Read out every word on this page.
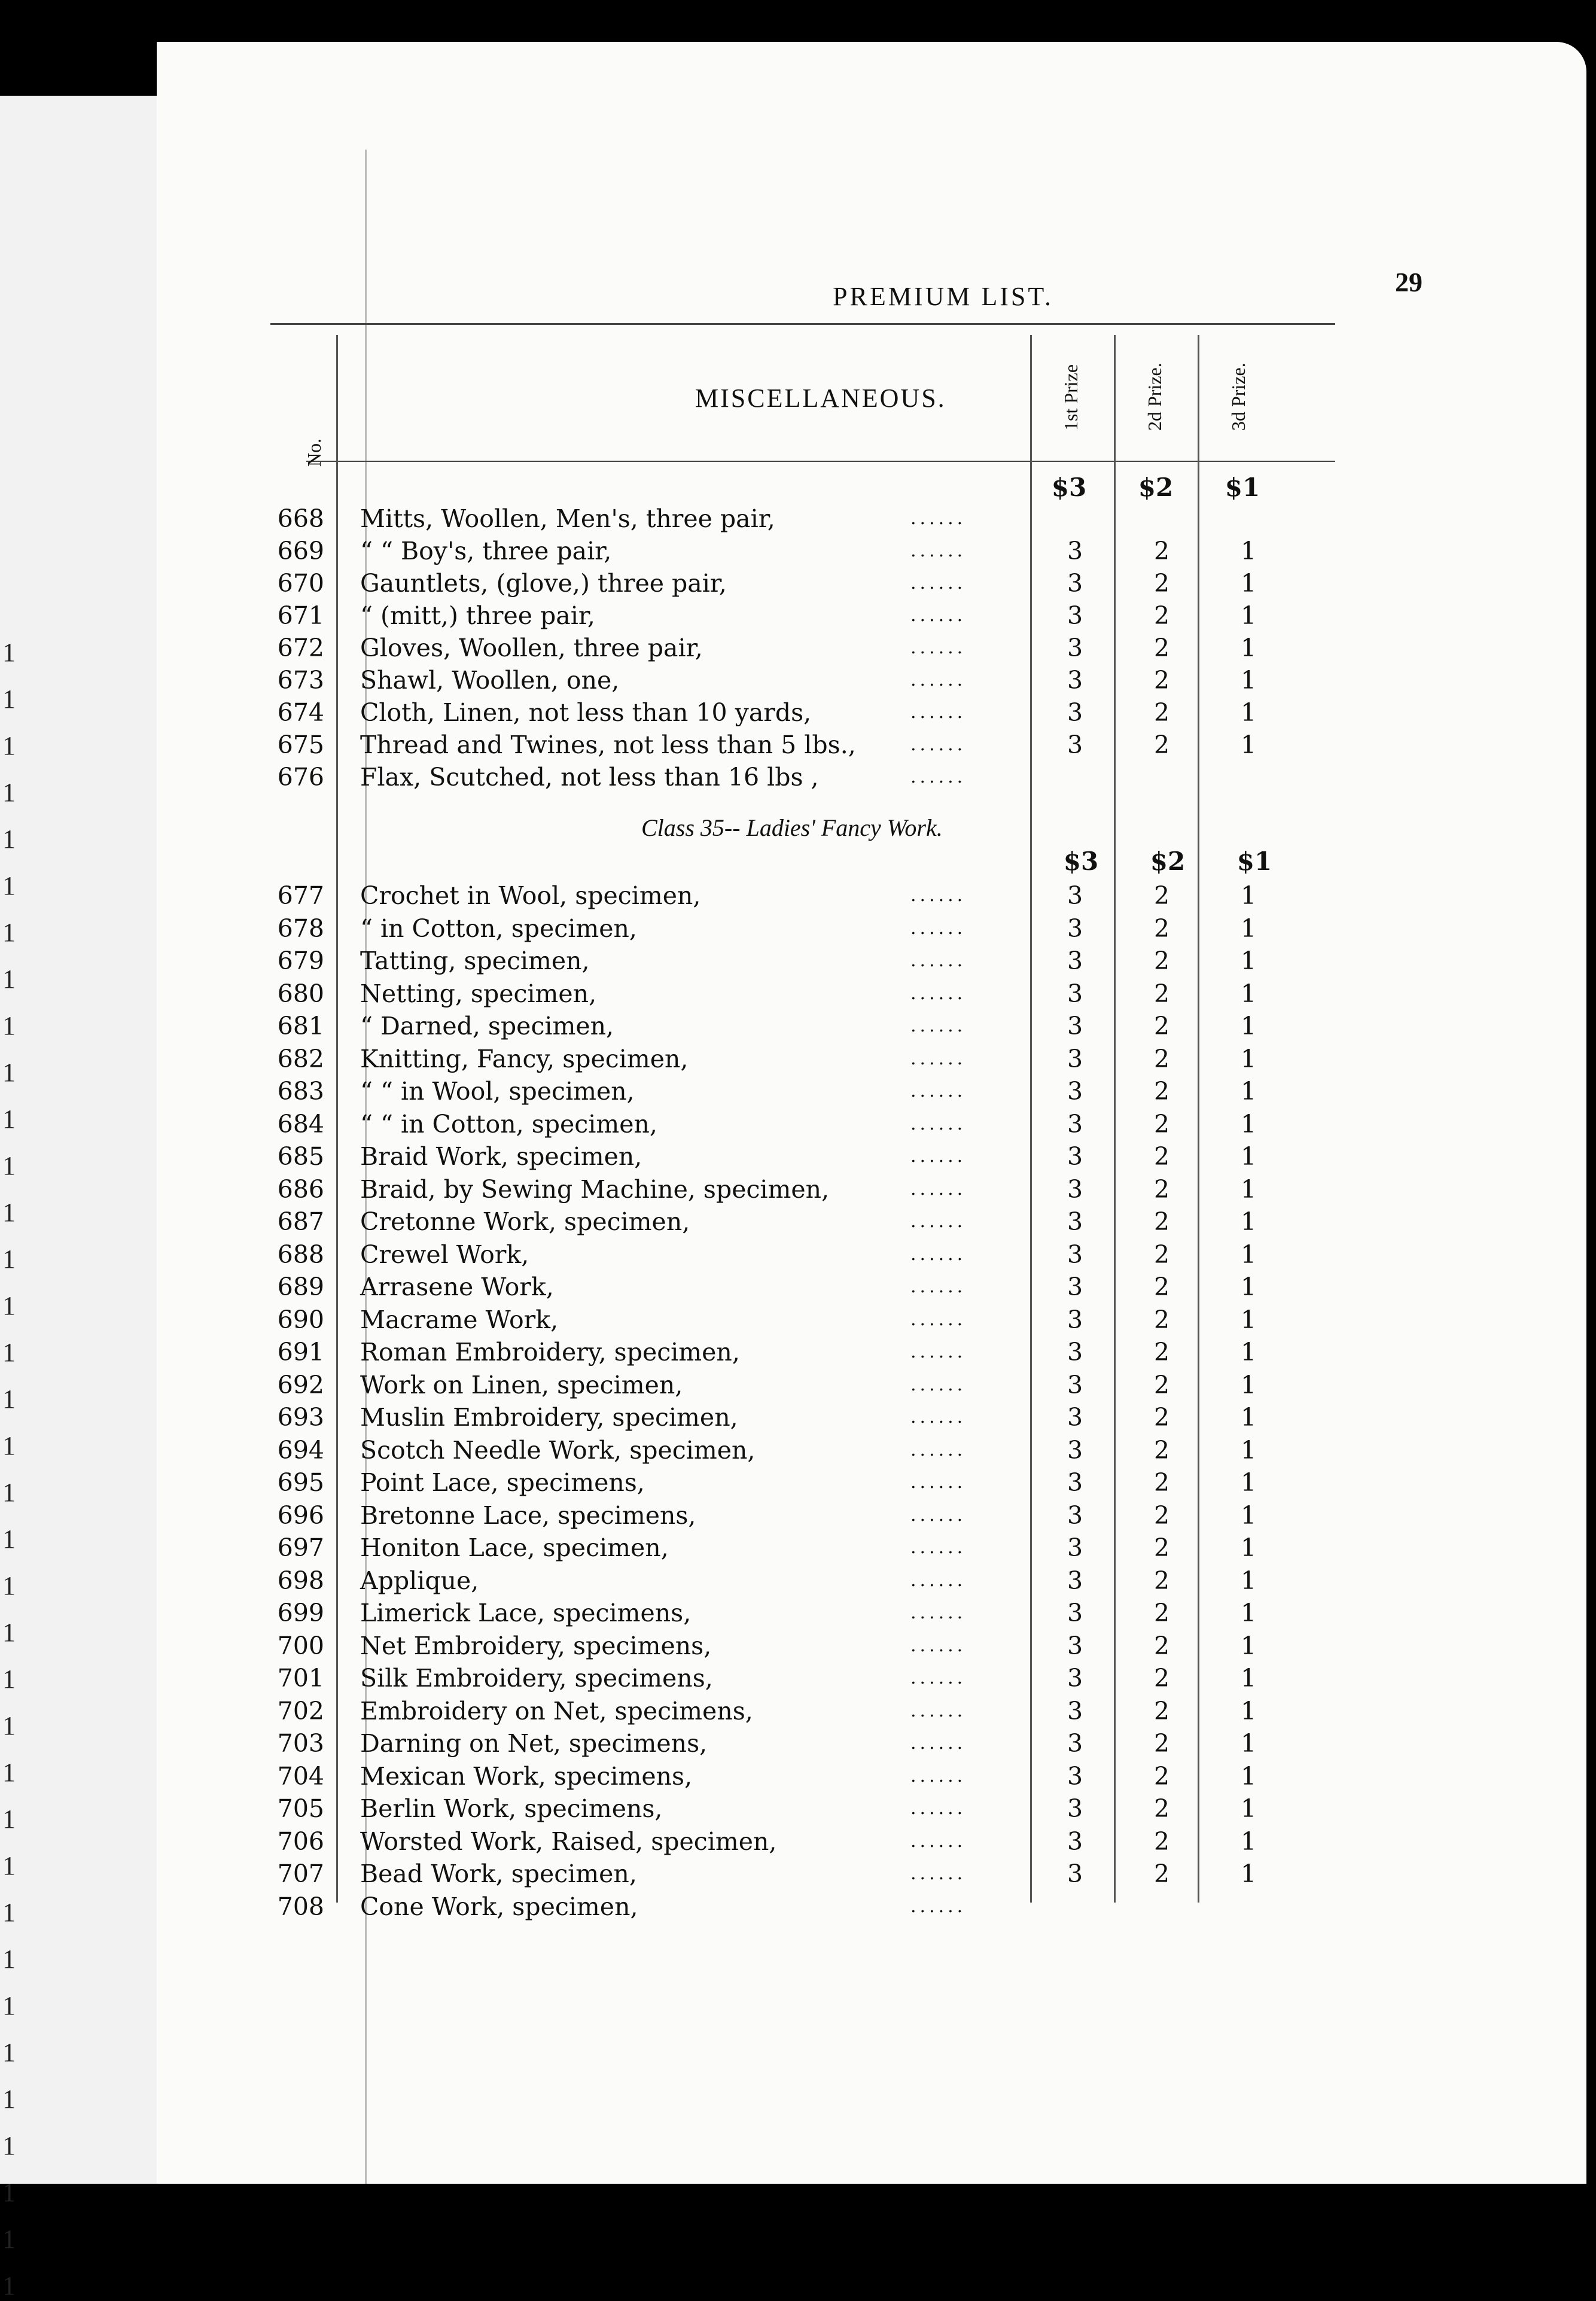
1
1
1
1
1
1
1
1
1
1
1
1
1
1
1
1
1
1
1
1
1
1
1
1
1
1
1
1
1
1
1
1
1
1
1
1
PREMIUM LIST.	29
No.
1st Prize	2d Prize.	3d Prize.
MISCELLANEOUS.
Class 35-- Ladies' Fancy Work.
$3	$2	$1
$3	$2	$1
668 Mitts, Woollen, Men's, three pair,	......
669 “ “ Boy's, three pair,	......	3	2	1
670 Gauntlets, (glove,) three pair,	......	3	2	1
671 “ (mitt,) three pair,	......	3	2	1
672 Gloves, Woollen, three pair,	......	3	2	1
673 Shawl, Woollen, one,	......	3	2	1
674 Cloth, Linen, not less than 10 yards,	......	3	2	1
675 Thread and Twines, not less than 5 lbs.,	......	3	2	1
676 Flax, Scutched, not less than 16 lbs ,	......
677 Crochet in Wool, specimen,	......	3	2	1
678 “ in Cotton, specimen,	......	3	2	1
679 Tatting, specimen,	......	3	2	1
680 Netting, specimen,	......	3	2	1
681 “ Darned, specimen,	......	3	2	1
682 Knitting, Fancy, specimen,	......	3	2	1
683 “ “ in Wool, specimen,	......	3	2	1
684 “ “ in Cotton, specimen,	......	3	2	1
685 Braid Work, specimen,	......	3	2	1
686 Braid, by Sewing Machine, specimen,	......	3	2	1
687 Cretonne Work, specimen,	......	3	2	1
688 Crewel Work,	......	3	2	1
689 Arrasene Work,	......	3	2	1
690 Macrame Work,	......	3	2	1
691 Roman Embroidery, specimen,	......	3	2	1
692 Work on Linen, specimen,	......	3	2	1
693 Muslin Embroidery, specimen,	......	3	2	1
694 Scotch Needle Work, specimen,	......	3	2	1
695 Point Lace, specimens,	......	3	2	1
696 Bretonne Lace, specimens,	......	3	2	1
697 Honiton Lace, specimen,	......	3	2	1
698 Applique,	......	3	2	1
699 Limerick Lace, specimens,	......	3	2	1
700 Net Embroidery, specimens,	......	3	2	1
701 Silk Embroidery, specimens,	......	3	2	1
702 Embroidery on Net, specimens,	......	3	2	1
703 Darning on Net, specimens,	......	3	2	1
704 Mexican Work, specimens,	......	3	2	1
705 Berlin Work, specimens,	......	3	2	1
706 Worsted Work, Raised, specimen,	......	3	2	1
707 Bead Work, specimen,	......	3	2	1
708 Cone Work, specimen,	......
